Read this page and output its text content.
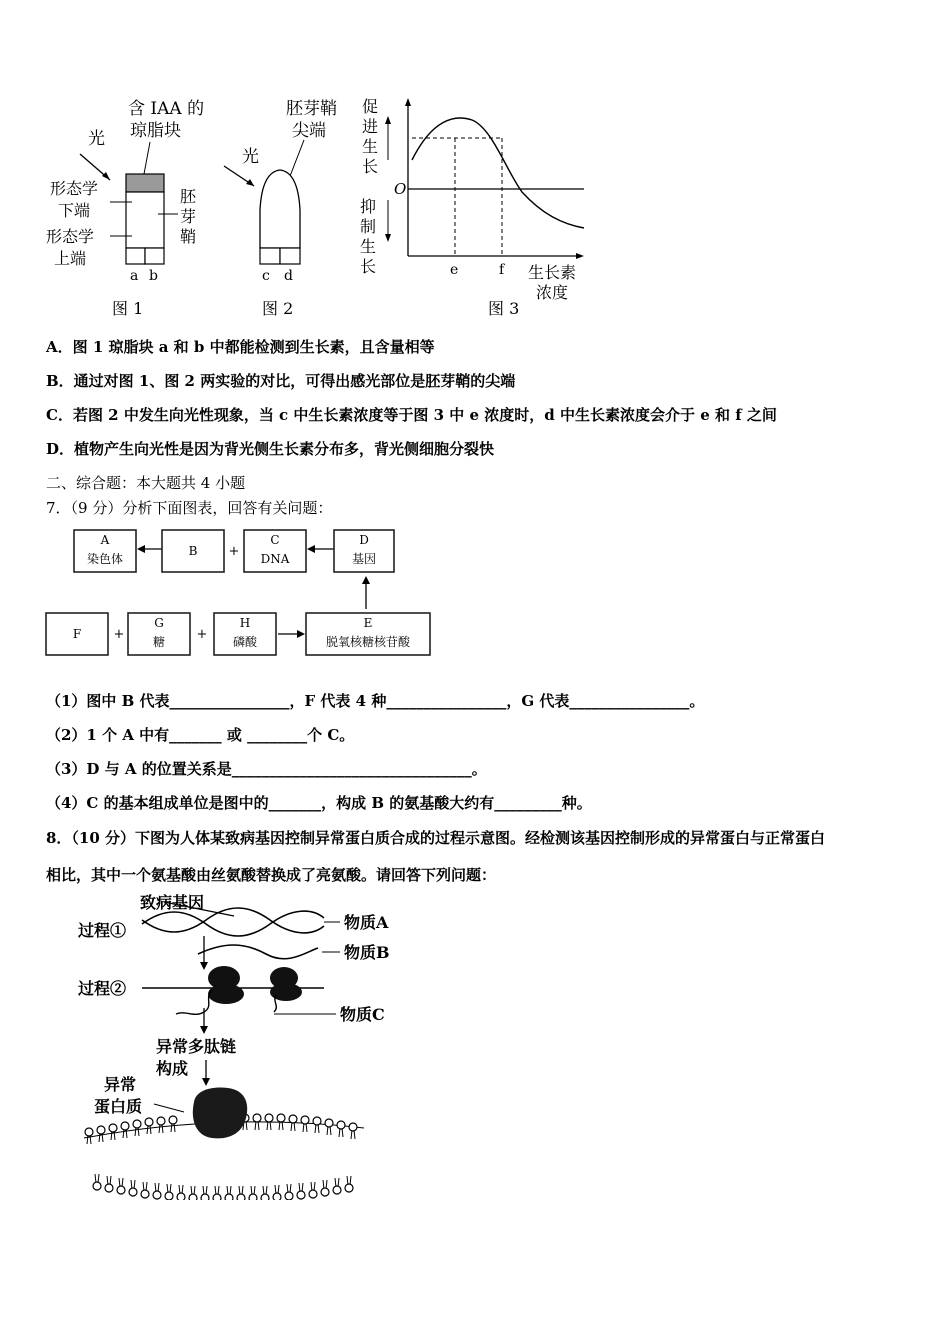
含 IAA 的
琼脂块
光
形态学
下端
形态学
上端
胚
芽
鞘
a b
图 1
胚芽鞘
尖端
光
c d
图 2
促
进
生
长
抑
制
生
长
O
e	f 生长素
浓度
图 3
A．图 1 琼脂块 a 和 b 中都能检测到生长素，且含量相等
B．通过对图 1、图 2 两实验的对比，可得出感光部位是胚芽鞘的尖端
C．若图 2 中发生向光性现象，当 c 中生长素浓度等于图 3 中 e 浓度时，d 中生长素浓度会介于 e 和 f 之间
D．植物产生向光性是因为背光侧生长素分布多，背光侧细胞分裂快
二、综合题：本大题共 4 小题
7．（9 分）分析下面图表，回答有关问题：
A
染色体
B +
C
DNA
D
基因
F +
G
糖 +
H
磷酸
E
脱氧核糖核苷酸
（1）图中 B 代表________________，F 代表 4 种________________，G 代表________________。
（2）1 个 A 中有_______ 或 ________个 C。
（3）D 与 A 的位置关系是________________________________。
（4）C 的基本组成单位是图中的_______，构成 B 的氨基酸大约有_________种。
8．（10 分）下图为人体某致病基因控制异常蛋白质合成的过程示意图。经检测该基因控制形成的异常蛋白与正常蛋白
相比，其中一个氨基酸由丝氨酸替换成了亮氨酸。请回答下列问题：
致病基因
过程①	物质A
物质B
过程②
物质C
异常多肽链
构成
异常
蛋白质
